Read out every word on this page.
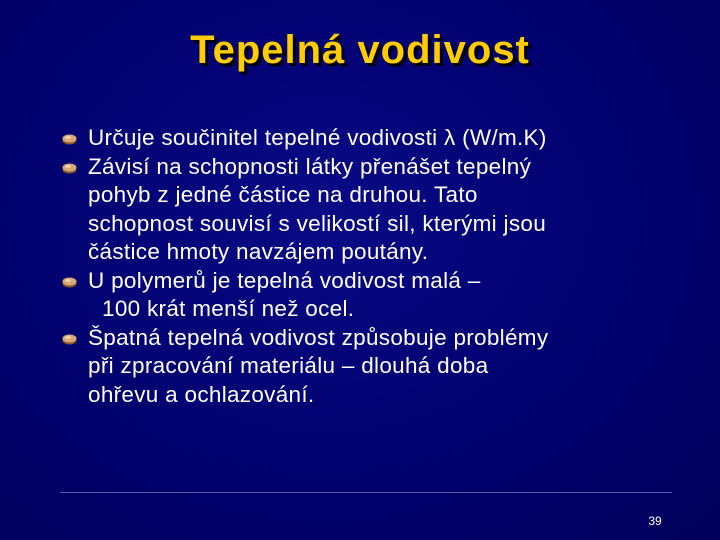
Tepelná vodivost
Určuje součinitel tepelné vodivosti λ (W/m.K)
Závisí na schopnosti látky přenášet tepelný
pohyb z jedné částice na druhou. Tato
schopnost souvisí s velikostí sil, kterými jsou
částice hmoty navzájem poutány.
U polymerů je tepelná vodivost malá –
100 krát menší než ocel.
Špatná tepelná vodivost způsobuje problémy
při zpracování materiálu – dlouhá doba
ohřevu a ochlazování.
39
